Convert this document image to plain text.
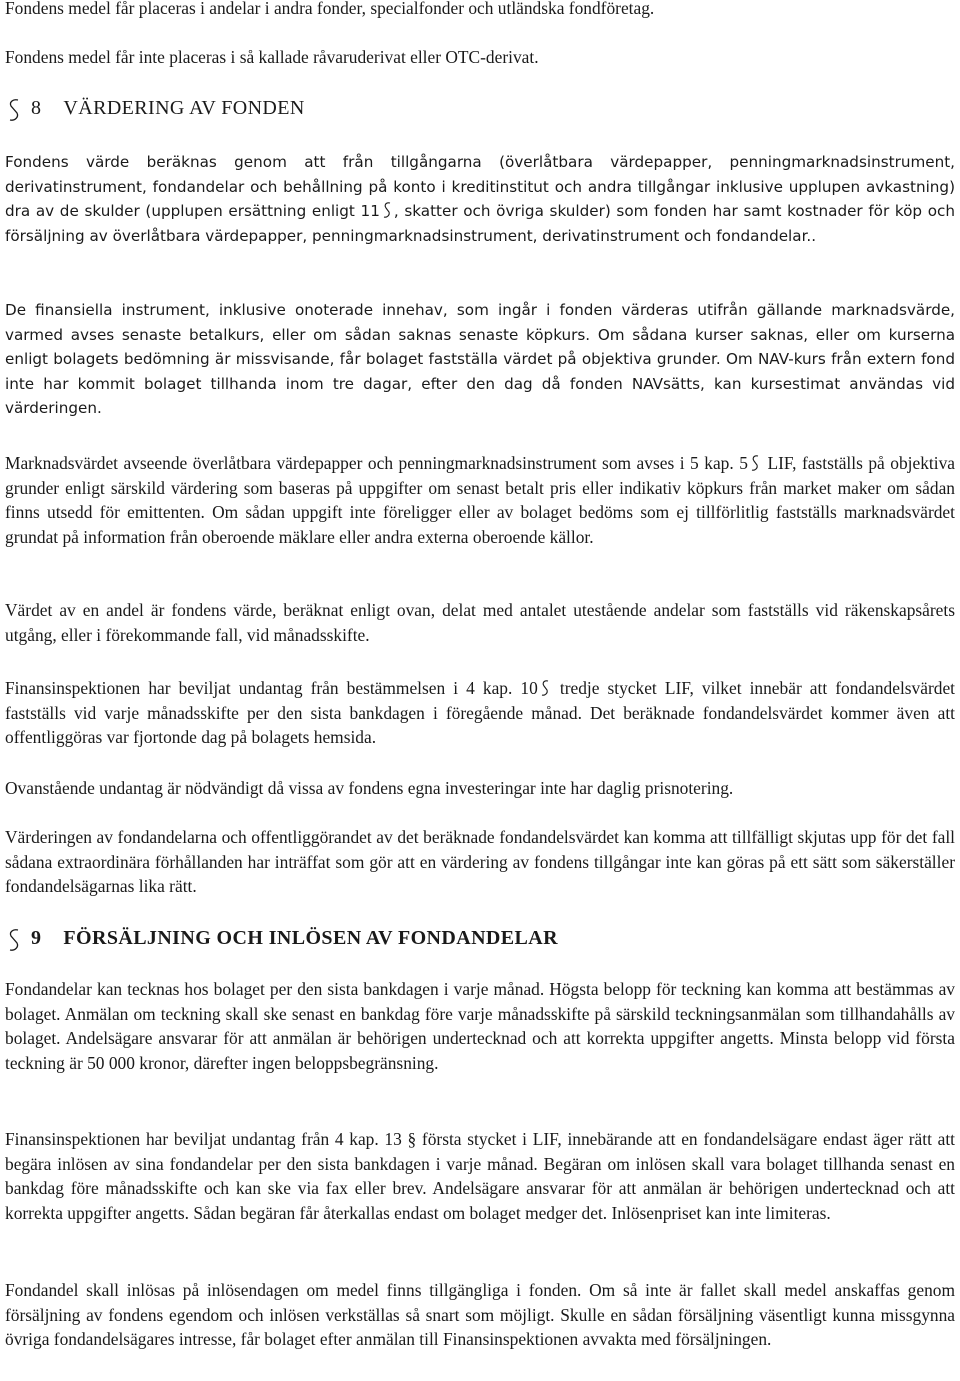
Fondens medel får placeras i andelar i andra fonder, specialfonder och utländska fondföretag.

Fondens medel får inte placeras i så kallade råvaruderivat eller OTC-derivat.

8 VÄRDERING AV FONDEN

Fondens värde beräknas genom att från tillgångarna (överlåtbara värdepapper, penningmarknadsinstrument, derivatinstrument, fondandelar och behållning på konto i kreditinstitut och andra tillgångar inklusive upplupen avkastning) dra av de skulder (upplupen ersättning enligt 11 , skatter och övriga skulder) som fonden har samt kostnader för köp och försäljning av överlåtbara värdepapper, penningmarknadsinstrument, derivatinstrument och fondandelar..

De finansiella instrument, inklusive onoterade innehav, som ingår i fonden värderas utifrån gällande marknadsvärde, varmed avses senaste betalkurs, eller om sådan saknas senaste köpkurs. Om sådana kurser saknas, eller om kurserna enligt bolagets bedömning är missvisande, får bolaget fastställa värdet på objektiva grunder. Om NAV-kurs från extern fond inte har kommit bolaget tillhanda inom tre dagar, efter den dag då fonden NAVsätts, kan kursestimat användas vid värderingen.

Marknadsvärdet avseende överlåtbara värdepapper och penningmarknadsinstrument som avses i 5 kap. 5 LIF, fastställs på objektiva grunder enligt särskild värdering som baseras på uppgifter om senast betalt pris eller indikativ köpkurs från market maker om sådan finns utsedd för emittenten. Om sådan uppgift inte föreligger eller av bolaget bedöms som ej tillförlitlig fastställs marknadsvärdet grundat på information från oberoende mäklare eller andra externa oberoende källor.

Värdet av en andel är fondens värde, beräknat enligt ovan, delat med antalet utestående andelar som fastställs vid räkenskapsårets utgång, eller i förekommande fall, vid månadsskifte.

Finansinspektionen har beviljat undantag från bestämmelsen i 4 kap. 10 tredje stycket LIF, vilket innebär att fondandelsvärdet fastställs vid varje månadsskifte per den sista bankdagen i föregående månad. Det beräknade fondandelsvärdet kommer även att offentliggöras var fjortonde dag på bolagets hemsida.

Ovanstående undantag är nödvändigt då vissa av fondens egna investeringar inte har daglig prisnotering.

Värderingen av fondandelarna och offentliggörandet av det beräknade fondandelsvärdet kan komma att tillfälligt skjutas upp för det fall sådana extraordinära förhållanden har inträffat som gör att en värdering av fondens tillgångar inte kan göras på ett sätt som säkerställer fondandelsägarnas lika rätt.

9 FÖRSÄLJNING OCH INLÖSEN AV FONDANDELAR

Fondandelar kan tecknas hos bolaget per den sista bankdagen i varje månad. Högsta belopp för teckning kan komma att bestämmas av bolaget. Anmälan om teckning skall ske senast en bankdag före varje månadsskifte på särskild teckningsanmälan som tillhandahålls av bolaget. Andelsägare ansvarar för att anmälan är behörigen undertecknad och att korrekta uppgifter angetts. Minsta belopp vid första teckning är 50 000 kronor, därefter ingen beloppsbegränsning.

Finansinspektionen har beviljat undantag från 4 kap. 13 § första stycket i LIF, innebärande att en fondandelsägare endast äger rätt att begära inlösen av sina fondandelar per den sista bankdagen i varje månad. Begäran om inlösen skall vara bolaget tillhanda senast en bankdag före månadsskifte och kan ske via fax eller brev. Andelsägare ansvarar för att anmälan är behörigen undertecknad och att korrekta uppgifter angetts. Sådan begäran får återkallas endast om bolaget medger det. Inlösenpriset kan inte limiteras.

Fondandel skall inlösas på inlösendagen om medel finns tillgängliga i fonden. Om så inte är fallet skall medel anskaffas genom försäljning av fondens egendom och inlösen verkställas så snart som möjligt. Skulle en sådan försäljning väsentligt kunna missgynna övriga fondandelsägares intresse, får bolaget efter anmälan till Finansinspektionen avvakta med försäljningen.
